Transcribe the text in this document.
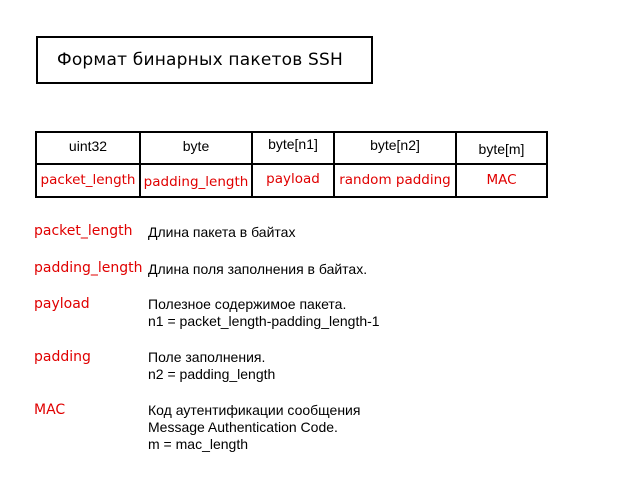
Формат бинарных пакетов SSH
uint32	byte	byte[n1]	byte[n2]	byte[m]
packet_length	padding_length	payload	random padding	MAC
packet_length Длина пакета в байтах
padding_length Длина поля заполнения в байтах.
payload	Полезное содержимое пакета.
n1 = packet_length-padding_length-1
padding	Поле заполнения.
n2 = padding_length
MAC	Код аутентификации сообщения
Message Authentication Code.
m = mac_length
